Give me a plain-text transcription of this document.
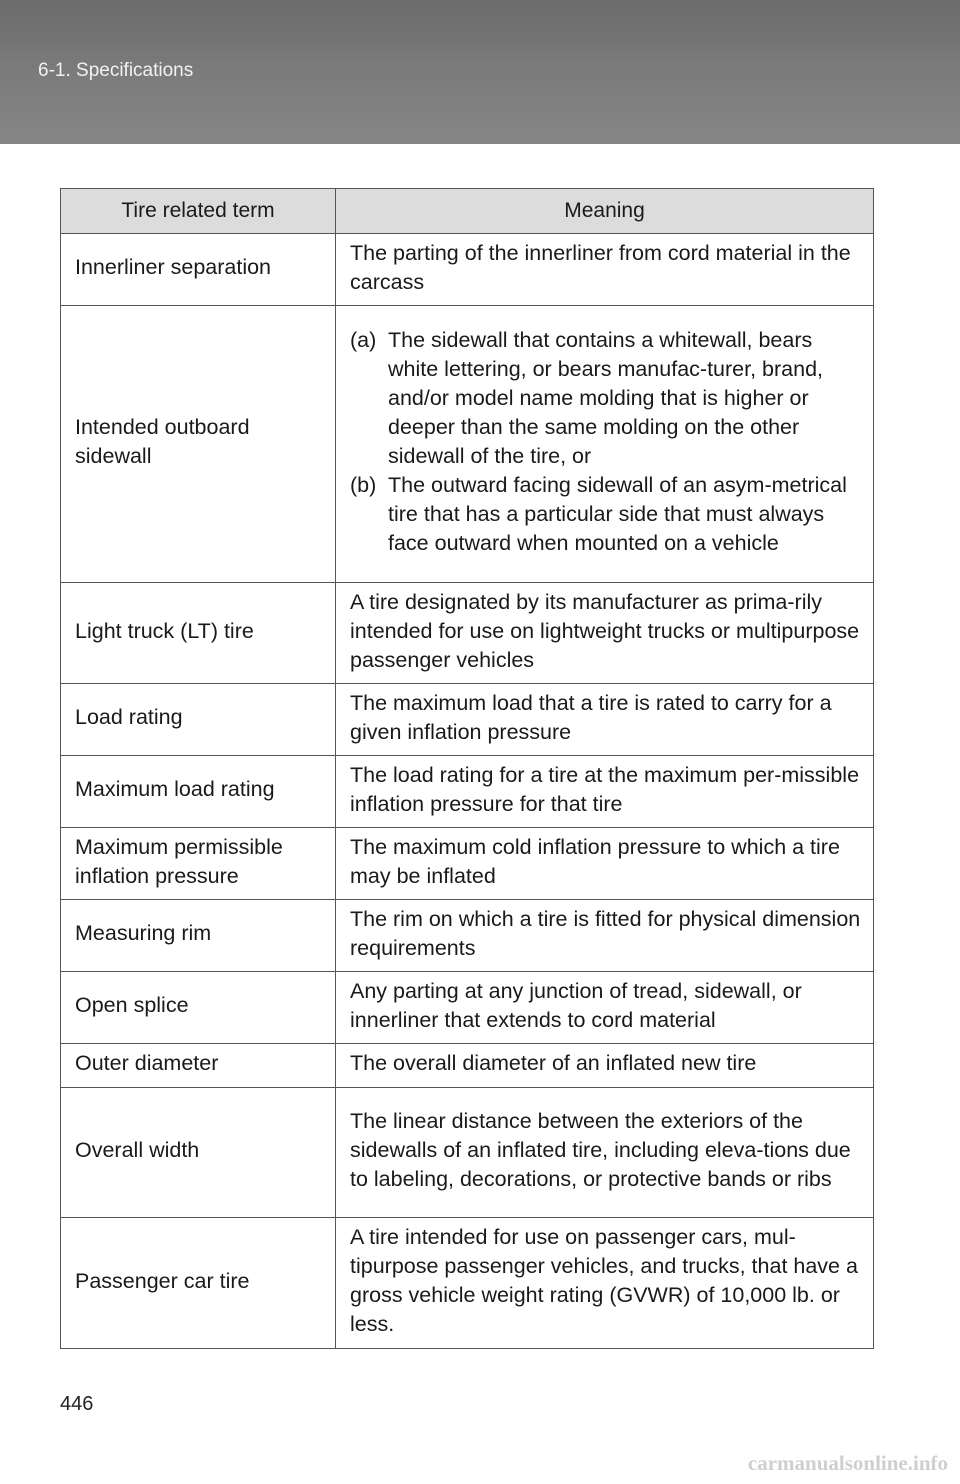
6-1. Specifications
Tire related term	Meaning
Innerliner separation	The parting of the innerliner from cord material in the carcass
Intended outboard sidewall	(a) The sidewall that contains a whitewall, bears white lettering, or bears manufac-turer, brand, and/or model name molding that is higher or deeper than the same molding on the other sidewall of the tire, or
(b) The outward facing sidewall of an asym-metrical tire that has a particular side that must always face outward when mounted on a vehicle

Light truck (LT) tire	A tire designated by its manufacturer as prima-rily intended for use on lightweight trucks or multipurpose passenger vehicles
Load rating	The maximum load that a tire is rated to carry for a given inflation pressure
Maximum load rating	The load rating for a tire at the maximum per-missible inflation pressure for that tire
Maximum permissible inflation pressure	The maximum cold inflation pressure to which a tire may be inflated
Measuring rim	The rim on which a tire is fitted for physical dimension requirements
Open splice	Any parting at any junction of tread, sidewall, or innerliner that extends to cord material
Outer diameter	The overall diameter of an inflated new tire
Overall width	The linear distance between the exteriors of the sidewalls of an inflated tire, including eleva-tions due to labeling, decorations, or protective bands or ribs
Passenger car tire	A tire intended for use on passenger cars, mul-tipurpose passenger vehicles, and trucks, that have a gross vehicle weight rating (GVWR) of 10,000 lb. or less.
446
carmanualsonline.info
